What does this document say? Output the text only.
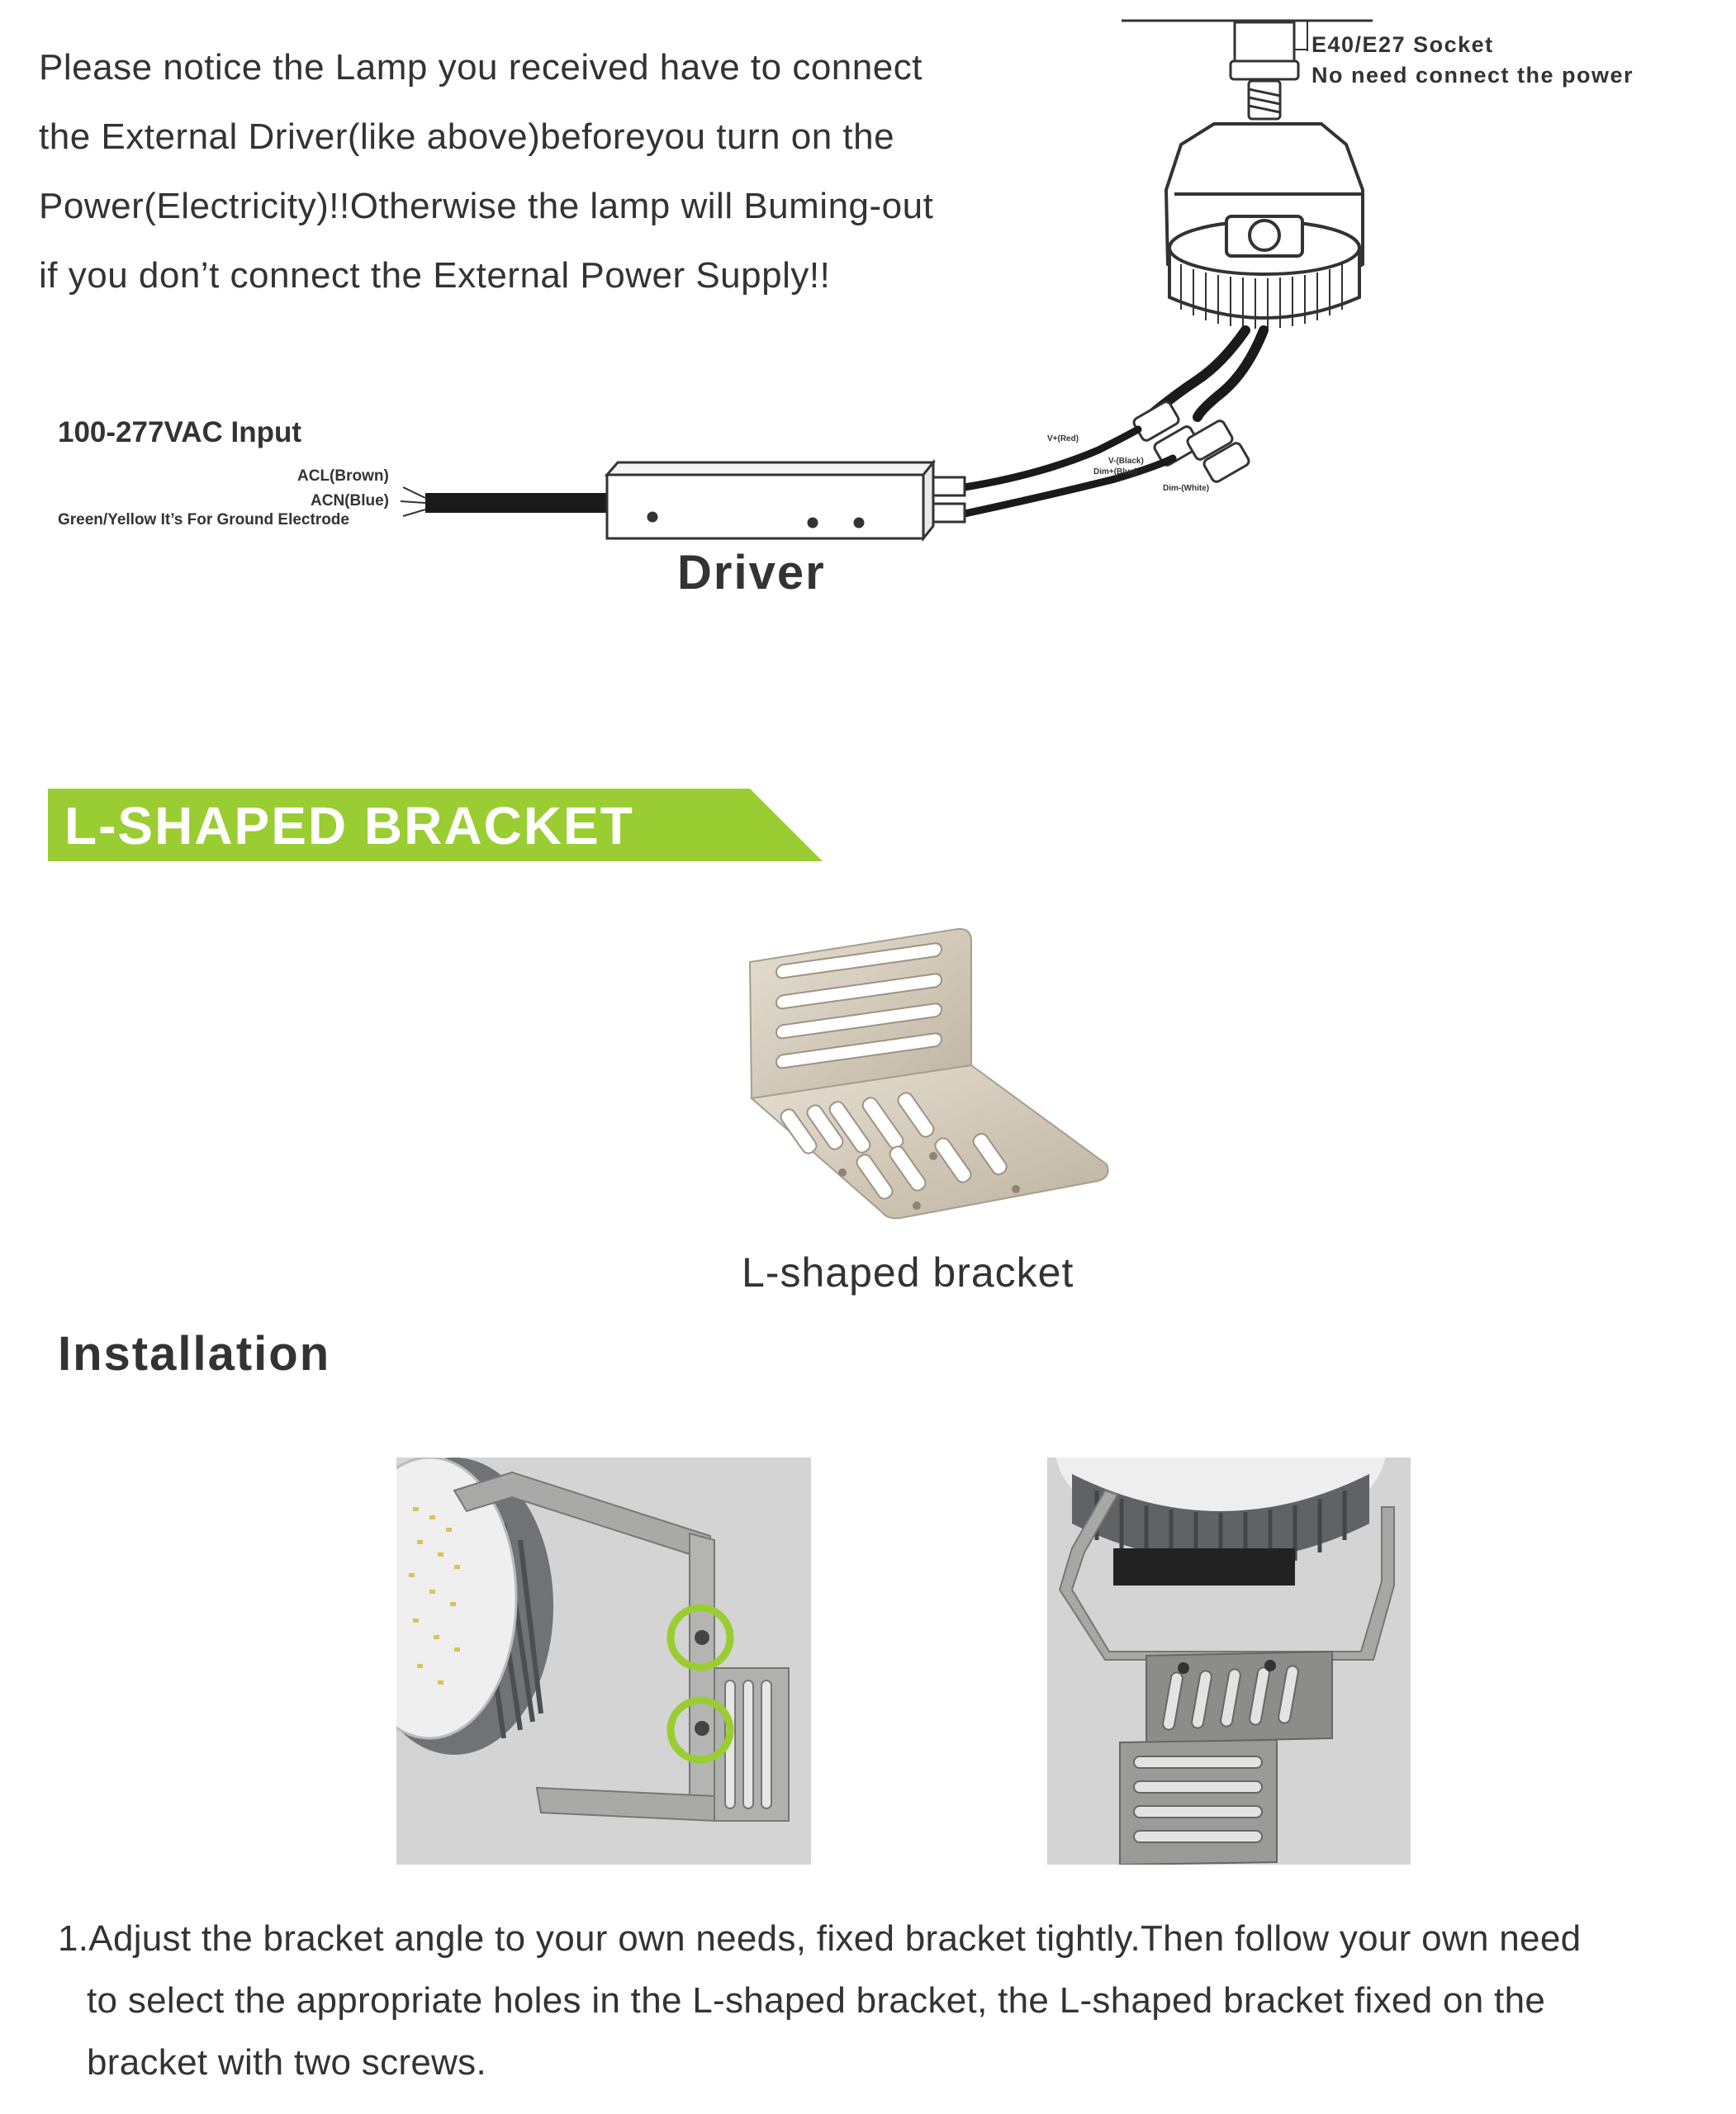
Please notice the Lamp you received have to connect
the External Driver(like above)beforeyou turn on the
Power(Electricity)!!Otherwise the lamp will Buming-out
if you don’t connect the External Power Supply!!
E40/E27 Socket
No need connect the power
100-277VAC Input
ACL(Brown)
ACN(Blue)
Green/Yellow It’s For Ground Electrode
V+(Red)
V-(Black)
Dim+(Blue)
Dim-(White)
Driver
L-SHAPED BRACKET
L-shaped bracket
Installation
1.Adjust the bracket angle to your own needs, fixed bracket tightly.Then follow your own need
to select the appropriate holes in the L-shaped bracket, the L-shaped bracket fixed on the
bracket with two screws.
